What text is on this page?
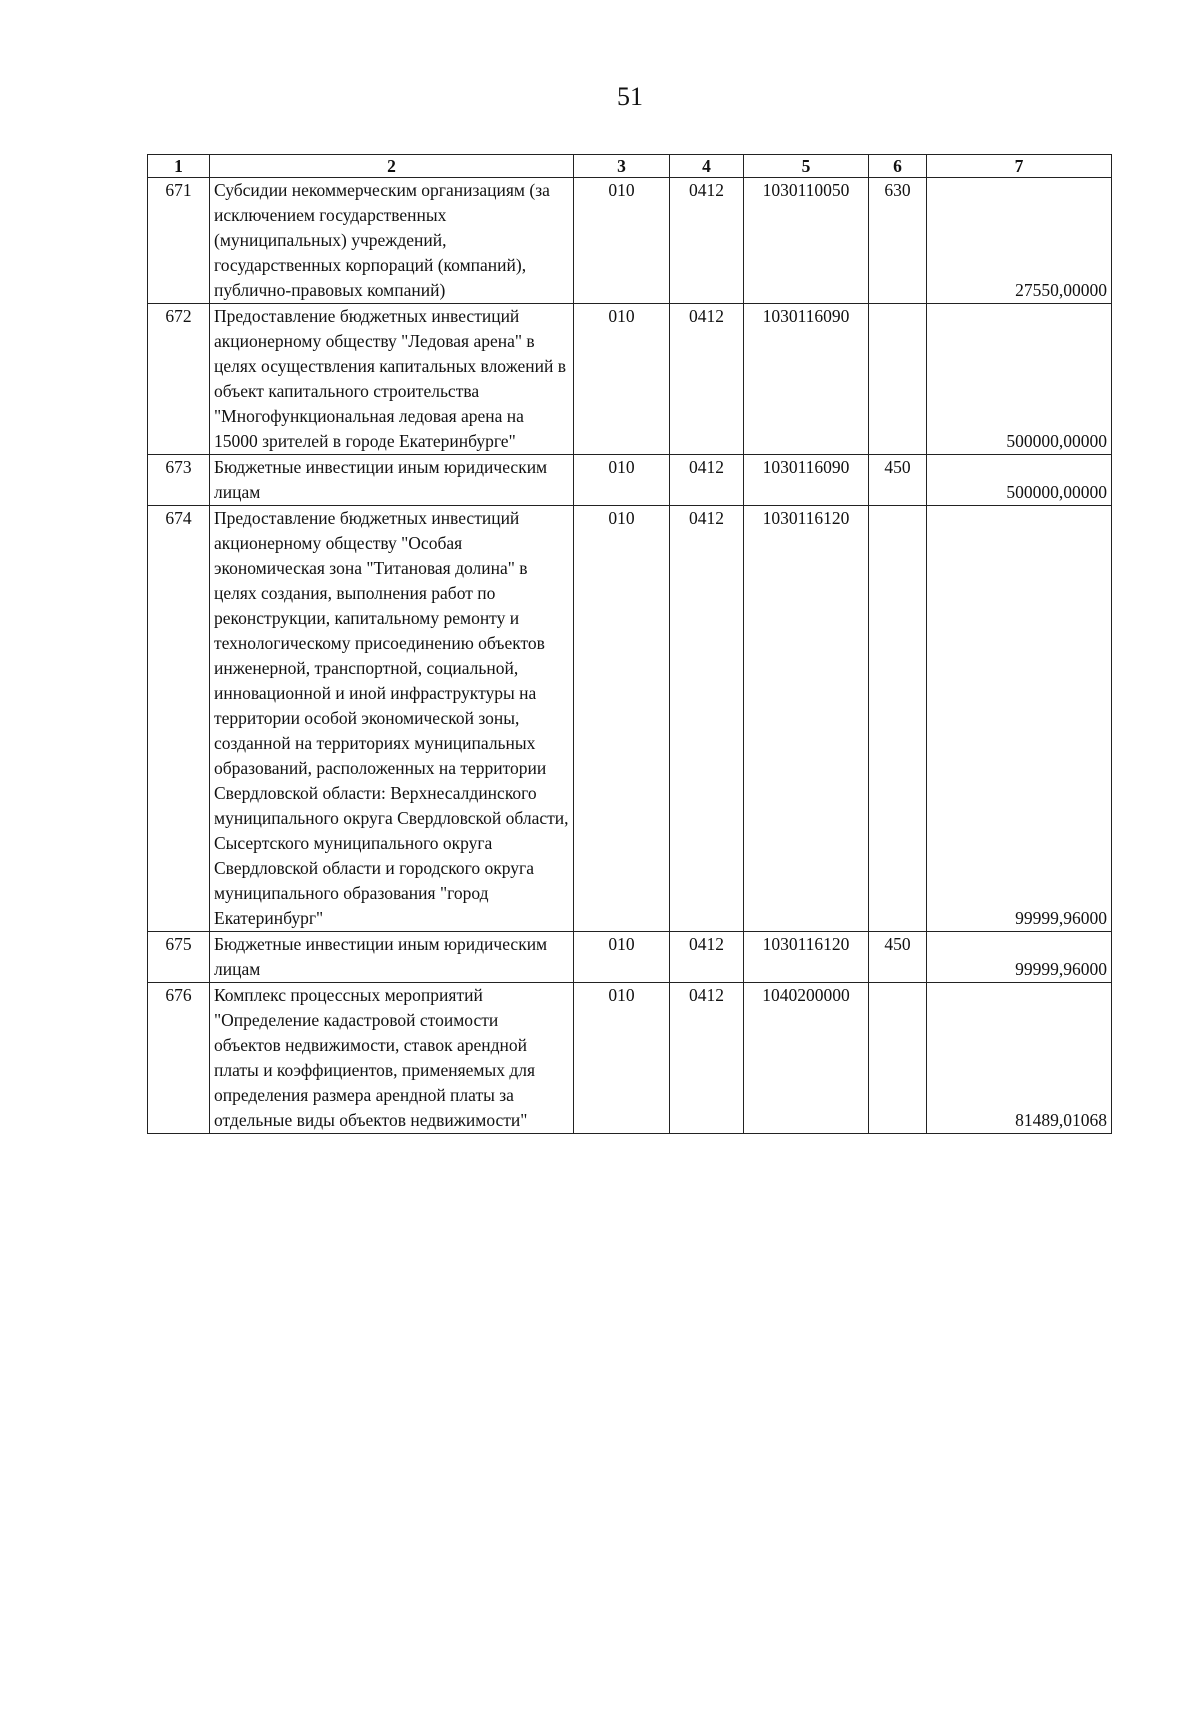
51
1	2	3	4	5	6	7
671	Субсидии некоммерческим организациям (за исключением государственных (муниципальных) учреждений, государственных корпораций (компаний), публично-правовых компаний)	010	0412	1030110050	630	27550,00000
672	Предоставление бюджетных инвестиций акционерному обществу "Ледовая арена" в целях осуществления капитальных вложений в объект капитального строительства "Многофункциональная ледовая арена на 15000 зрителей в городе Екатеринбурге"	010	0412	1030116090		500000,00000
673	Бюджетные инвестиции иным юридическим лицам	010	0412	1030116090	450	500000,00000
674	Предоставление бюджетных инвестиций акционерному обществу "Особая экономическая зона "Титановая долина" в целях создания, выполнения работ по реконструкции, капитальному ремонту и технологическому присоединению объектов инженерной, транспортной, социальной, инновационной и иной инфраструктуры на территории особой экономической зоны, созданной на территориях муниципальных образований, расположенных на территории Свердловской области: Верхнесалдинского муниципального округа Свердловской области, Сысертского муниципального округа Свердловской области и городского округа муниципального образования "город Екатеринбург"	010	0412	1030116120		99999,96000
675	Бюджетные инвестиции иным юридическим лицам	010	0412	1030116120	450	99999,96000
676	Комплекс процессных мероприятий "Определение кадастровой стоимости объектов недвижимости, ставок арендной платы и коэффициентов, применяемых для определения размера арендной платы за отдельные виды объектов недвижимости"	010	0412	1040200000		81489,01068
